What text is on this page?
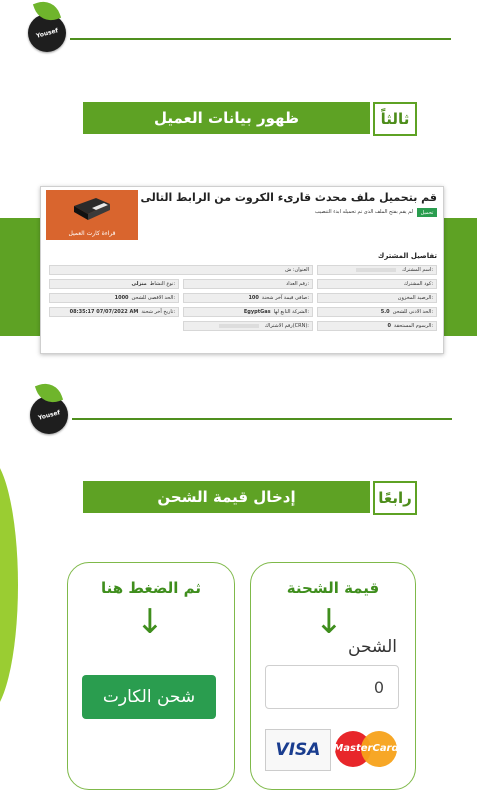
Yousef
ظهور بيانات العميل	ثالثاً
قراءة كارت العميل
قم بتحميل ملف محدث قارىء الكروت من الرابط التالى
تحميل
لم يقم بفتح الملف الذى تم تحميله ابدء التنصيب
تفاصيل المشترك
اسم المشترك:
العنوان: ش
كود المشترك:
رقم العداد:
منزلى نوع النشاط:
الرصيد المخزون:
100 صافى قيمة آخر شحنة:
1000 الحد الاقصى للشحن:
5.0 الحد الادنى للشحن:
EgyptGas الشركة التابع لها:
08:35:17 07/07/2022 AM تاريخ آخر شحنة:
0 الرسوم المستحقة:
رقم الاشتراك(CRN):
Yousef
إدخال قيمة الشحن	رابعًا
قيمة الشحنة
↓
الشحن
0
VISA MasterCard
ثم الضغط هنا
↓
شحن الكارت
